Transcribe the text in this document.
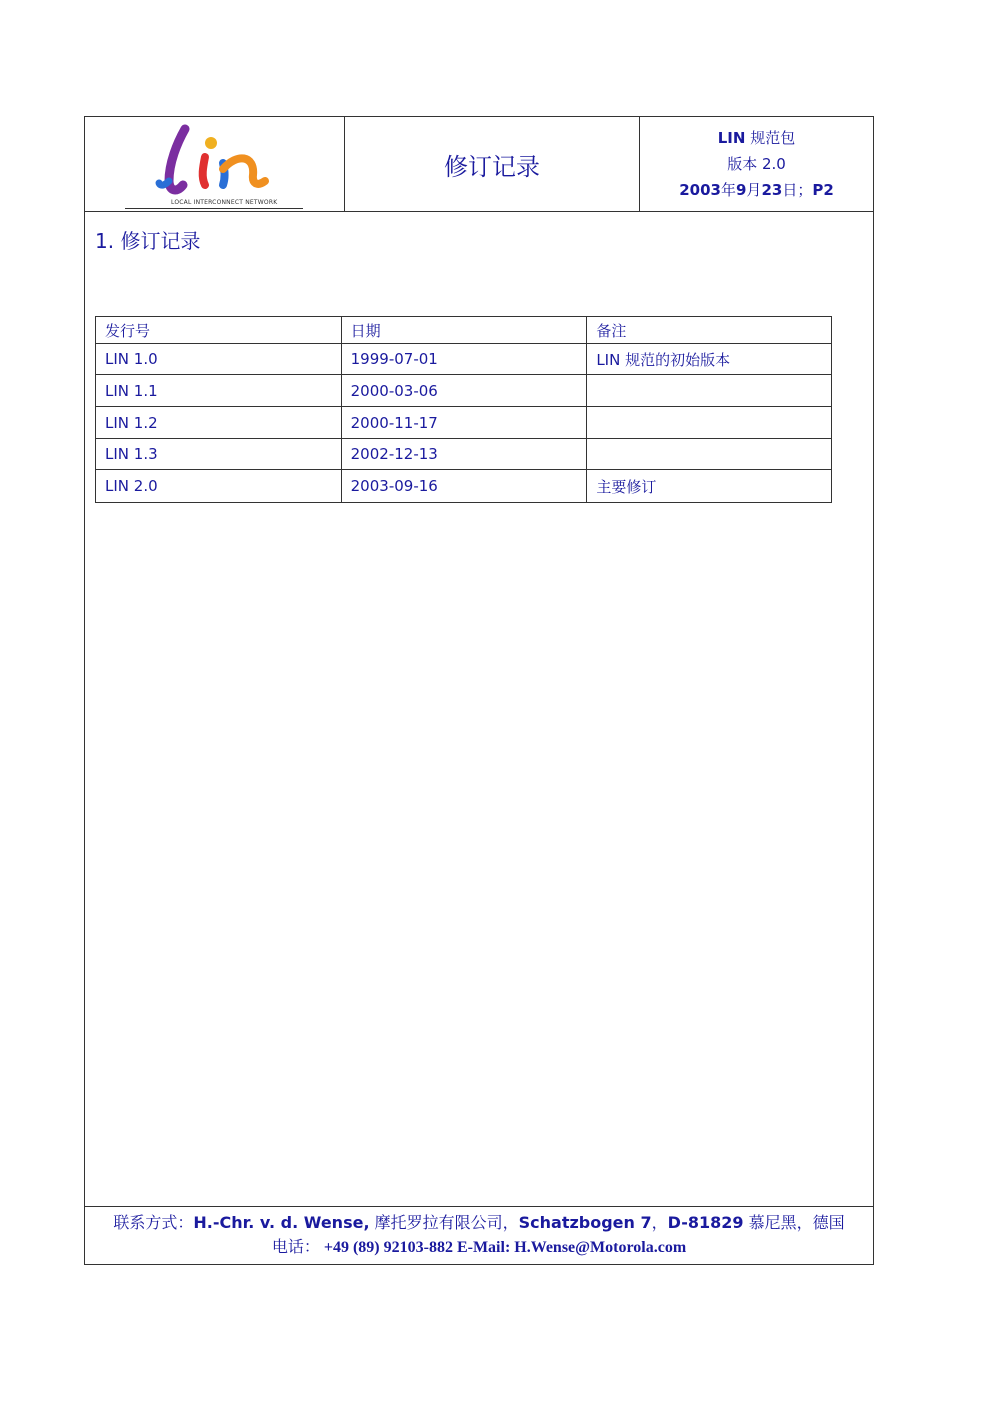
LOCAL INTERCONNECT NETWORK
修订记录
LIN 规范包
版本 2.0
2003年9月23日；P2
1. 修订记录
发行号	日期	备注
LIN 1.0	1999-07-01	LIN 规范的初始版本
LIN 1.1	2000-03-06	
LIN 1.2	2000-11-17	
LIN 1.3	2002-12-13	
LIN 2.0	2003-09-16	主要修订
联系方式：H.-Chr. v. d. Wense, 摩托罗拉有限公司，Schatzbogen 7，D-81829 慕尼黑，德国
电话： +49 (89) 92103-882 E-Mail: H.Wense@Motorola.com
